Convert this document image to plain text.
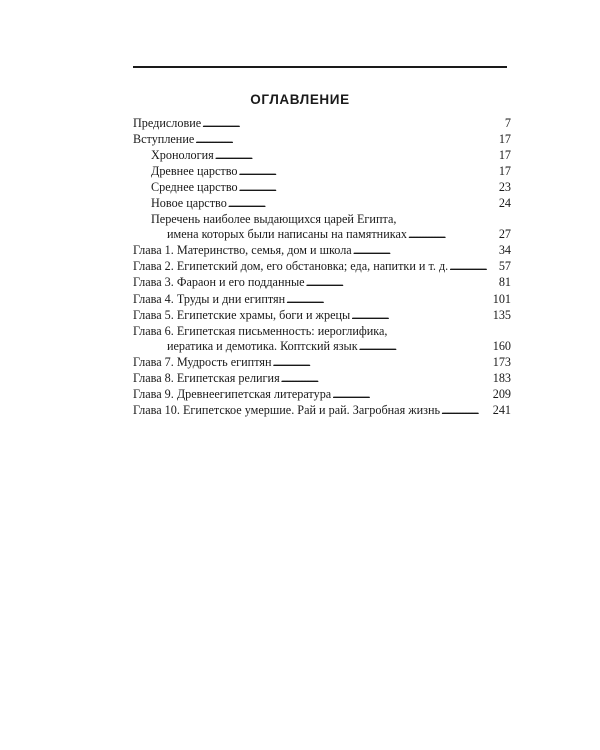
ОГЛАВЛЕНИЕ
Предисловие . . .	7
Вступление . . .	17
Хронология . . .	17
Древнее царство . . .	17
Среднее царство . . .	23
Новое царство . . .	24
Перечень наиболее выдающихся царей Египта,
имена которых были написаны на памятниках . . .	27
Глава 1. Материнство, семья, дом и школа . . .	34
Глава 2. Египетский дом, его обстановка; еда, напитки и т. д. . . .	57
Глава 3. Фараон и его подданные . . .	81
Глава 4. Труды и дни египтян . . .	101
Глава 5. Египетские храмы, боги и жрецы . . .	135
Глава 6. Египетская письменность: иероглифика,
иератика и демотика. Коптский язык . . .	160
Глава 7. Мудрость египтян . . .	173
Глава 8. Египетская религия . . .	183
Глава 9. Древнеегипетская литература . . .	209
Глава 10. Египетское умершие. Рай и рай. Загробная жизнь . . .	241
